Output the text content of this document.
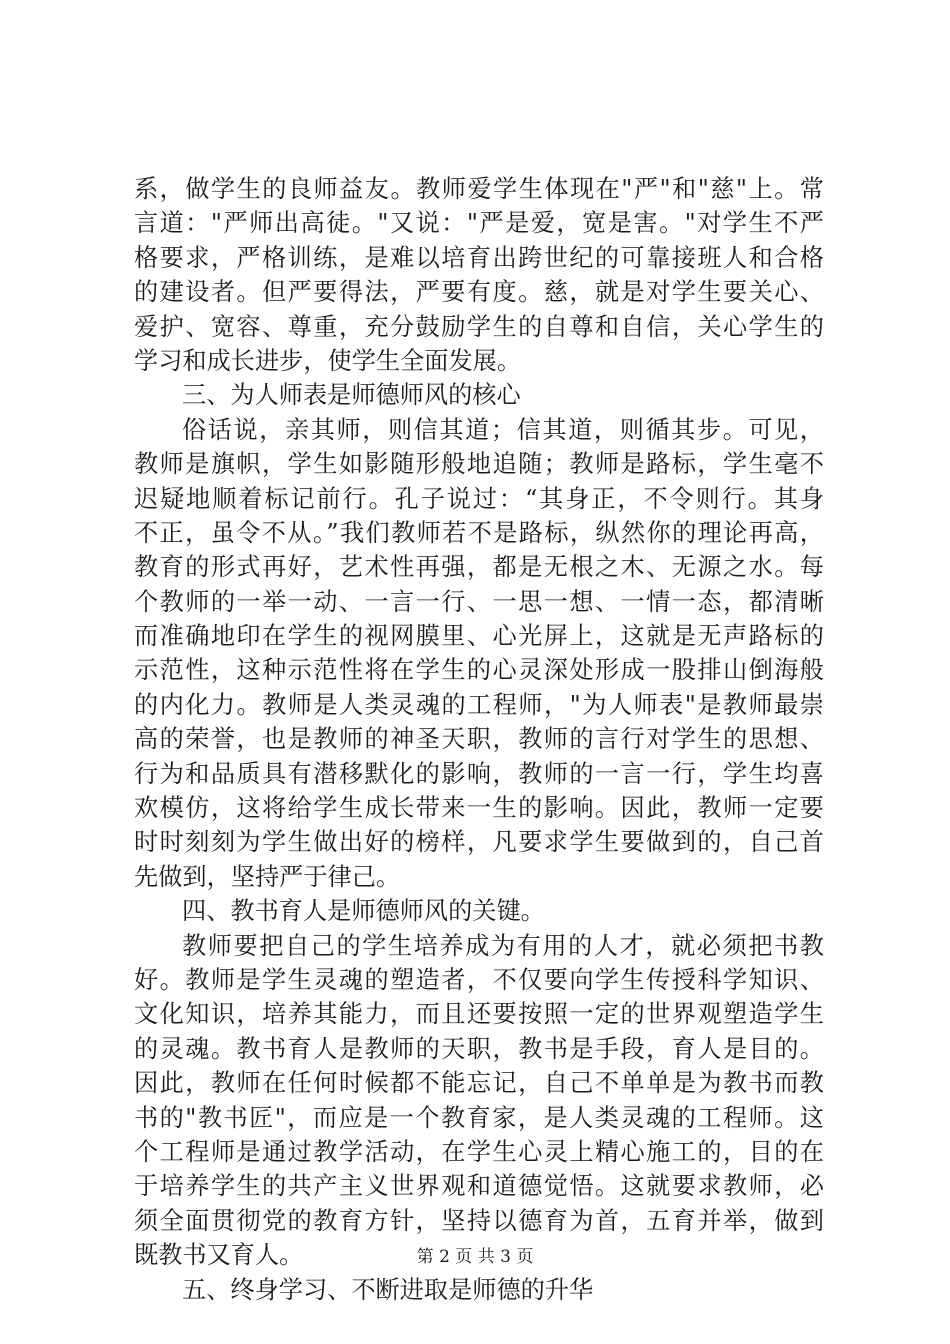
系，做学生的良师益友。教师爱学生体现在"严"和"慈"上。常
言道："严师出高徒。"又说："严是爱，宽是害。"对学生不严
格要求，严格训练，是难以培育出跨世纪的可靠接班人和合格
的建设者。但严要得法，严要有度。慈，就是对学生要关心、
爱护、宽容、尊重，充分鼓励学生的自尊和自信，关心学生的
学习和成长进步，使学生全面发展。
三、为人师表是师德师风的核心
俗话说，亲其师，则信其道；信其道，则循其步。可见，
教师是旗帜，学生如影随形般地追随；教师是路标，学生毫不
迟疑地顺着标记前行。孔子说过：“其身正，不令则行。其身
不正，虽令不从。”我们教师若不是路标，纵然你的理论再高，
教育的形式再好，艺术性再强，都是无根之木、无源之水。每
个教师的一举一动、一言一行、一思一想、一情一态，都清晰
而准确地印在学生的视网膜里、心光屏上，这就是无声路标的
示范性，这种示范性将在学生的心灵深处形成一股排山倒海般
的内化力。教师是人类灵魂的工程师，"为人师表"是教师最崇
高的荣誉，也是教师的神圣天职，教师的言行对学生的思想、
行为和品质具有潜移默化的影响，教师的一言一行，学生均喜
欢模仿，这将给学生成长带来一生的影响。因此，教师一定要
时时刻刻为学生做出好的榜样，凡要求学生要做到的，自己首
先做到，坚持严于律己。
四、教书育人是师德师风的关键。
教师要把自己的学生培养成为有用的人才，就必须把书教
好。教师是学生灵魂的塑造者，不仅要向学生传授科学知识、
文化知识，培养其能力，而且还要按照一定的世界观塑造学生
的灵魂。教书育人是教师的天职，教书是手段，育人是目的。
因此，教师在任何时候都不能忘记，自己不单单是为教书而教
书的"教书匠"，而应是一个教育家，是人类灵魂的工程师。这
个工程师是通过教学活动，在学生心灵上精心施工的，目的在
于培养学生的共产主义世界观和道德觉悟。这就要求教师，必
须全面贯彻党的教育方针，坚持以德育为首，五育并举，做到
既教书又育人。
五、终身学习、不断进取是师德的升华
第 2 页 共 3 页
